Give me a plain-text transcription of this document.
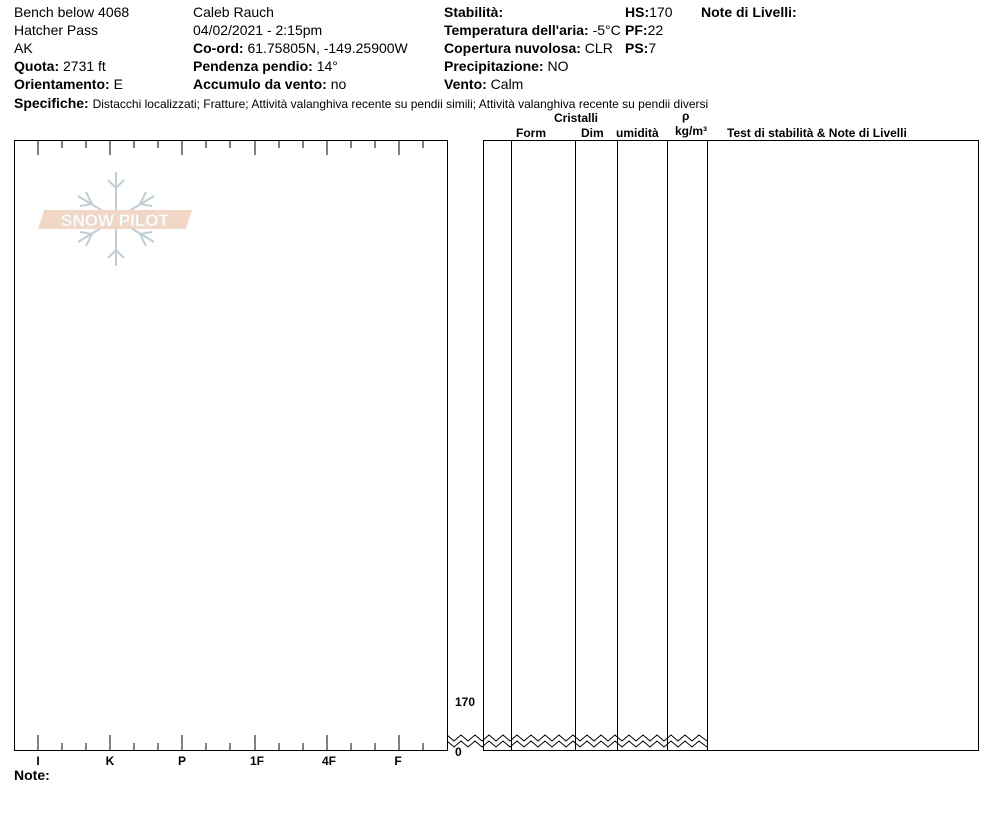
Bench below 4068
Hatcher Pass
AK
Quota: 2731 ft
Orientamento: E
Caleb Rauch
04/02/2021 - 2:15pm
Co-ord: 61.75805N, -149.25900W
Pendenza pendio: 14°
Accumulo da vento: no
Stabilità:
Temperatura dell'aria: -5°C
Copertura nuvolosa: CLR
Precipitazione: NO
Vento: Calm
HS:170
PF:22
PS:7
Note di Livelli:
Specifiche: Distacchi localizzati; Fratture; Attività valanghiva recente su pendii simili; Attività valanghiva recente su pendii diversi
Cristalli	ρ
Form	Dim umidità kg/m³ Test di stabilità & Note di Livelli
I	K	P	1F	4F	F
170
0
SNOW PILOT
Note:
